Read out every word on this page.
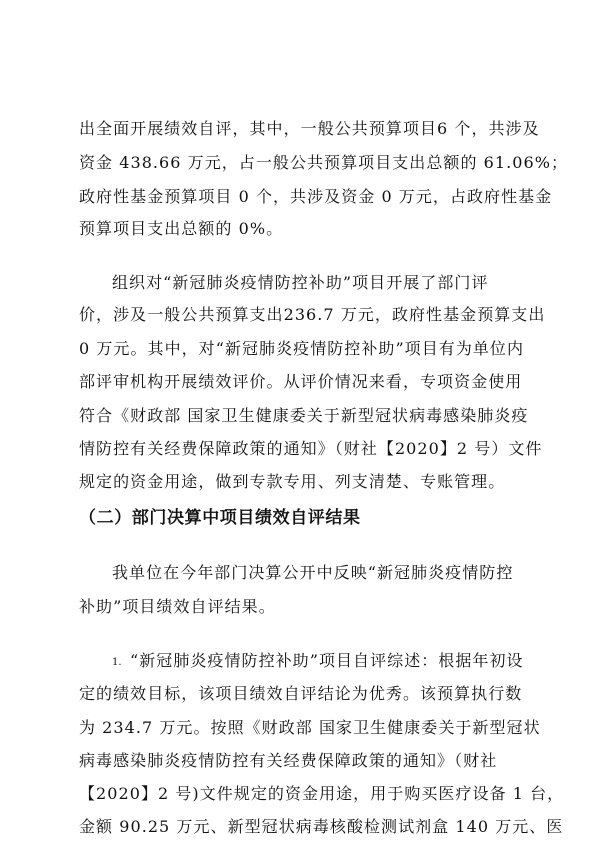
出全面开展绩效自评，其中，一般公共预算项目6 个，共涉及
资金 438.66 万元，占一般公共预算项目支出总额的 61.06%；
政府性基金预算项目 0 个，共涉及资金 0 万元，占政府性基金
预算项目支出总额的 0%。
组织对“新冠肺炎疫情防控补助”项目开展了部门评
价，涉及一般公共预算支出236.7 万元，政府性基金预算支出
0 万元。其中，对“新冠肺炎疫情防控补助”项目有为单位内
部评审机构开展绩效评价。从评价情况来看，专项资金使用
符合《财政部 国家卫生健康委关于新型冠状病毒感染肺炎疫
情防控有关经费保障政策的通知》（财社【2020】2 号）文件
规定的资金用途，做到专款专用、列支清楚、专账管理。
（二）部门决算中项目绩效自评结果
我单位在今年部门决算公开中反映“新冠肺炎疫情防控
补助”项目绩效自评结果。
1. “新冠肺炎疫情防控补助”项目自评综述：根据年初设
定的绩效目标，该项目绩效自评结论为优秀。该预算执行数
为 234.7 万元。按照《财政部 国家卫生健康委关于新型冠状
病毒感染肺炎疫情防控有关经费保障政策的通知》（财社
【2020】2 号)文件规定的资金用途，用于购买医疗设备 1 台，
金额 90.25 万元、新型冠状病毒核酸检测试剂盒 140 万元、医
